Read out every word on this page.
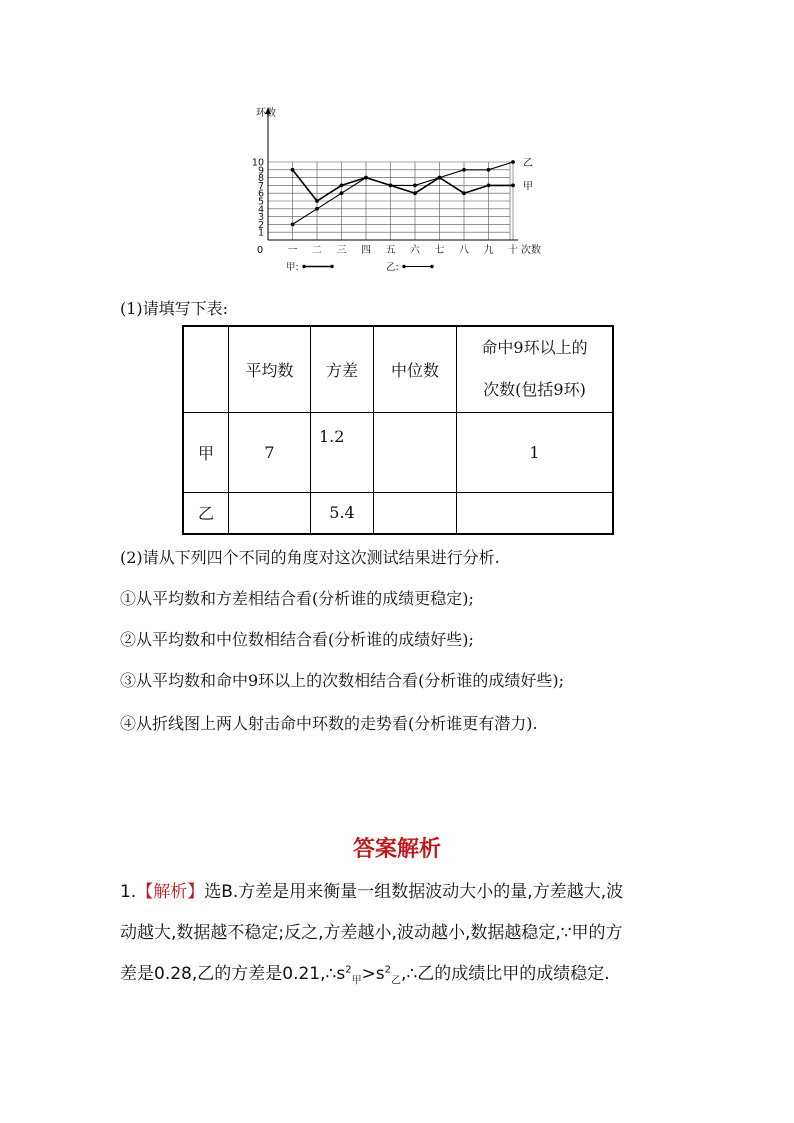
环数
1
2
3
4
5
6
7
8
9
10
0 一 二 三 四 五 六 七 八 九 十 次数
甲
乙
甲:	乙:
(1)请填写下表:
	平均数	方差	中位数	命中9环以上的
次数(包括9环)

甲	7	1.2		1
乙		5.4		
(2)请从下列四个不同的角度对这次测试结果进行分析.
①从平均数和方差相结合看(分析谁的成绩更稳定);
②从平均数和中位数相结合看(分析谁的成绩好些);
③从平均数和命中9环以上的次数相结合看(分析谁的成绩好些);
④从折线图上两人射击命中环数的走势看(分析谁更有潜力).
答案解析
1.【解析】选B.方差是用来衡量一组数据波动大小的量,方差越大,波
动越大,数据越不稳定;反之,方差越小,波动越小,数据越稳定,∵甲的方
差是0.28,乙的方差是$0.21,\therefore s^2_甲>s^2_乙,\therefore$乙的成绩比甲的成绩稳定.
